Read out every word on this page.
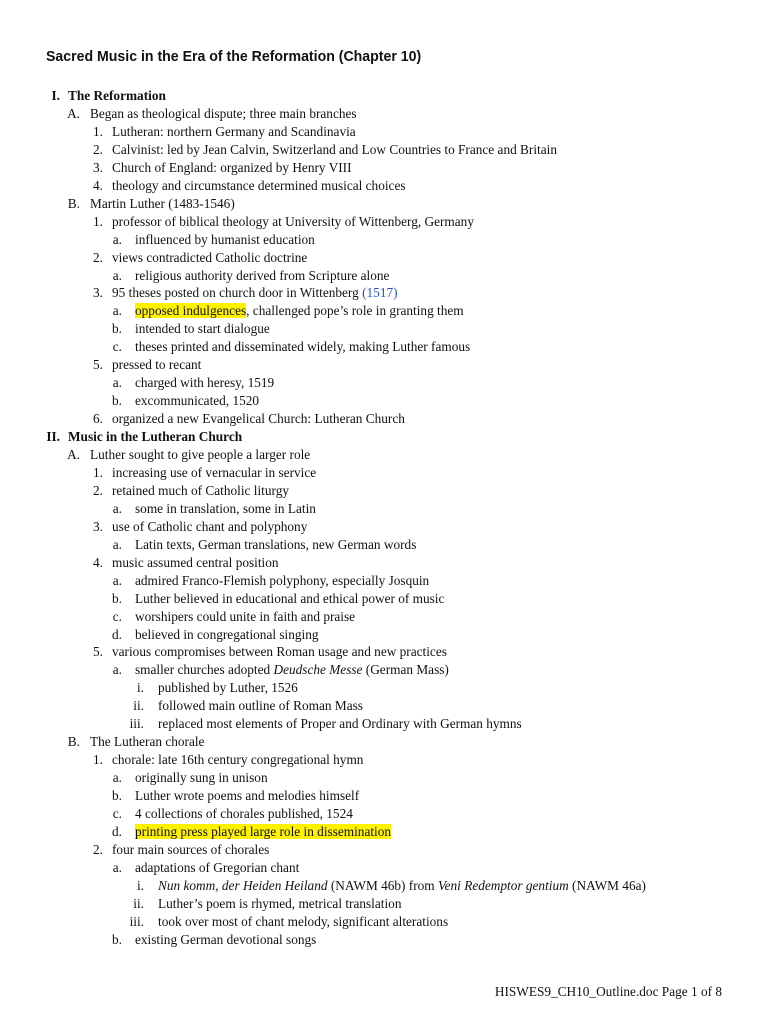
Sacred Music in the Era of the Reformation (Chapter 10)
I. The Reformation
A. Began as theological dispute; three main branches
1. Lutheran: northern Germany and Scandinavia
2. Calvinist: led by Jean Calvin, Switzerland and Low Countries to France and Britain
3. Church of England: organized by Henry VIII
4. theology and circumstance determined musical choices
B. Martin Luther (1483-1546)
1. professor of biblical theology at University of Wittenberg, Germany
a. influenced by humanist education
2. views contradicted Catholic doctrine
a. religious authority derived from Scripture alone
3. 95 theses posted on church door in Wittenberg (1517)
a. opposed indulgences, challenged pope’s role in granting them
b. intended to start dialogue
c. theses printed and disseminated widely, making Luther famous
5. pressed to recant
a. charged with heresy, 1519
b. excommunicated, 1520
6. organized a new Evangelical Church: Lutheran Church
II. Music in the Lutheran Church
A. Luther sought to give people a larger role
1. increasing use of vernacular in service
2. retained much of Catholic liturgy
a. some in translation, some in Latin
3. use of Catholic chant and polyphony
a. Latin texts, German translations, new German words
4. music assumed central position
a. admired Franco-Flemish polyphony, especially Josquin
b. Luther believed in educational and ethical power of music
c. worshipers could unite in faith and praise
d. believed in congregational singing
5. various compromises between Roman usage and new practices
a. smaller churches adopted Deudsche Messe (German Mass)
i. published by Luther, 1526
ii. followed main outline of Roman Mass
iii. replaced most elements of Proper and Ordinary with German hymns
B. The Lutheran chorale
1. chorale: late 16th century congregational hymn
a. originally sung in unison
b. Luther wrote poems and melodies himself
c. 4 collections of chorales published, 1524
d. printing press played large role in dissemination
2. four main sources of chorales
a. adaptations of Gregorian chant
i. Nun komm, der Heiden Heiland (NAWM 46b) from Veni Redemptor gentium (NAWM 46a)
ii. Luther’s poem is rhymed, metrical translation
iii. took over most of chant melody, significant alterations
b. existing German devotional songs
HISWES9_CH10_Outline.doc Page 1 of 8
